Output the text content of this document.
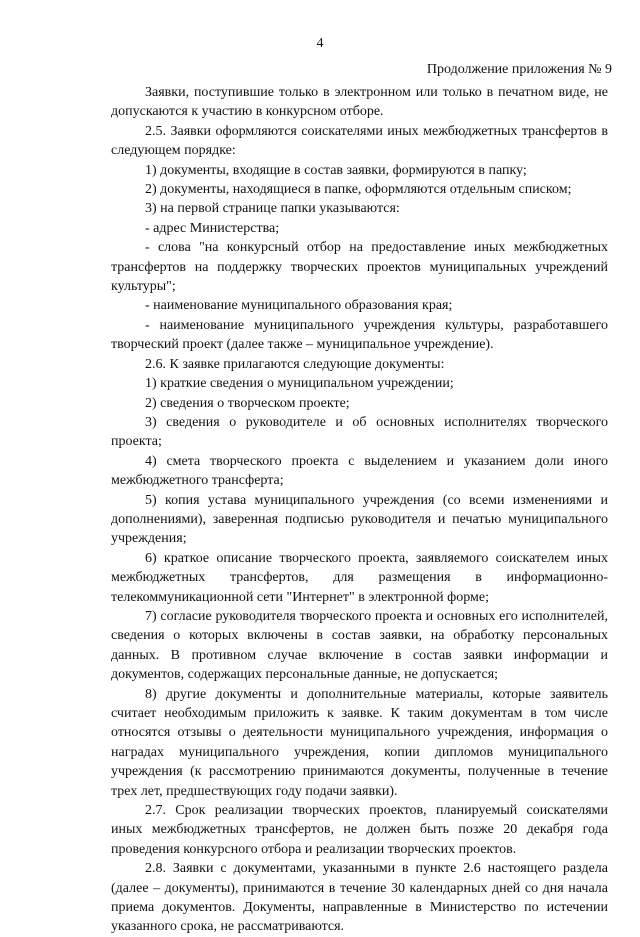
4
Продолжение приложения № 9

Заявки, поступившие только в электронном или только в печатном виде, не допускаются к участию в конкурсном отборе.

2.5. Заявки оформляются соискателями иных межбюджетных трансфертов в следующем порядке:

1) документы, входящие в состав заявки, формируются в папку;

2) документы, находящиеся в папке, оформляются отдельным списком;

3) на первой странице папки указываются:

- адрес Министерства;

- слова "на конкурсный отбор на предоставление иных межбюджетных трансфертов на поддержку творческих проектов муниципальных учреждений культуры";

- наименование муниципального образования края;

- наименование муниципального учреждения культуры, разработавшего творческий проект (далее также – муниципальное учреждение).

2.6. К заявке прилагаются следующие документы:

1) краткие сведения о муниципальном учреждении;

2) сведения о творческом проекте;

3) сведения о руководителе и об основных исполнителях творческого проекта;

4) смета творческого проекта с выделением и указанием доли иного межбюджетного трансферта;

5) копия устава муниципального учреждения (со всеми изменениями и дополнениями), заверенная подписью руководителя и печатью муниципального учреждения;

6) краткое описание творческого проекта, заявляемого соискателем иных межбюджетных трансфертов, для размещения в информационно-телекоммуникационной сети "Интернет" в электронной форме;

7) согласие руководителя творческого проекта и основных его исполнителей, сведения о которых включены в состав заявки, на обработку персональных данных. В противном случае включение в состав заявки информации и документов, содержащих персональные данные, не допускается;

8) другие документы и дополнительные материалы, которые заявитель считает необходимым приложить к заявке. К таким документам в том числе относятся отзывы о деятельности муниципального учреждения, информация о наградах муниципального учреждения, копии дипломов муниципального учреждения (к рассмотрению принимаются документы, полученные в течение трех лет, предшествующих году подачи заявки).

2.7. Срок реализации творческих проектов, планируемый соискателями иных межбюджетных трансфертов, не должен быть позже 20 декабря года проведения конкурсного отбора и реализации творческих проектов.

2.8. Заявки с документами, указанными в пункте 2.6 настоящего раздела (далее – документы), принимаются в течение 30 календарных дней со дня начала приема документов. Документы, направленные в Министерство по истечении указанного срока, не рассматриваются.
